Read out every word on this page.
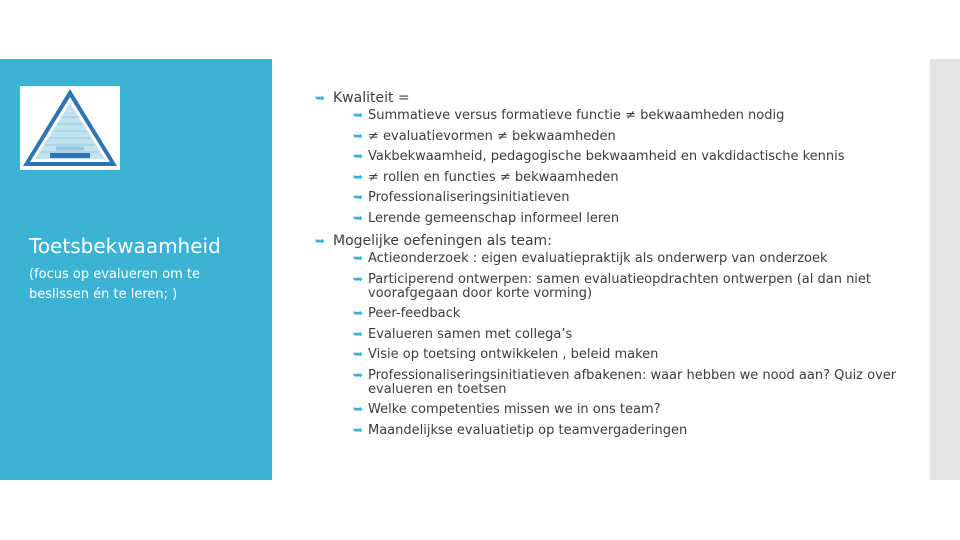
Toetsbekwaamheid
(focus op evalueren om te beslissen én te leren; )
➥ Kwaliteit =
➥ Summatieve versus formatieve functie ≠ bekwaamheden nodig
➥ ≠ evaluatievormen ≠ bekwaamheden
➥ Vakbekwaamheid, pedagogische bekwaamheid en vakdidactische kennis
➥ ≠ rollen en functies ≠ bekwaamheden
➥ Professionaliseringsinitiatieven
➥ Lerende gemeenschap informeel leren
➥ Mogelijke oefeningen als team:
➥ Actieonderzoek : eigen evaluatiepraktijk als onderwerp van onderzoek
➥ Participerend ontwerpen: samen evaluatieopdrachten ontwerpen (al dan niet voorafgegaan door korte vorming)
➥ Peer-feedback
➥ Evalueren samen met collega’s
➥ Visie op toetsing ontwikkelen , beleid maken
➥ Professionaliseringsinitiatieven afbakenen: waar hebben we nood aan? Quiz over evalueren en toetsen
➥ Welke competenties missen we in ons team?
➥ Maandelijkse evaluatietip op teamvergaderingen
